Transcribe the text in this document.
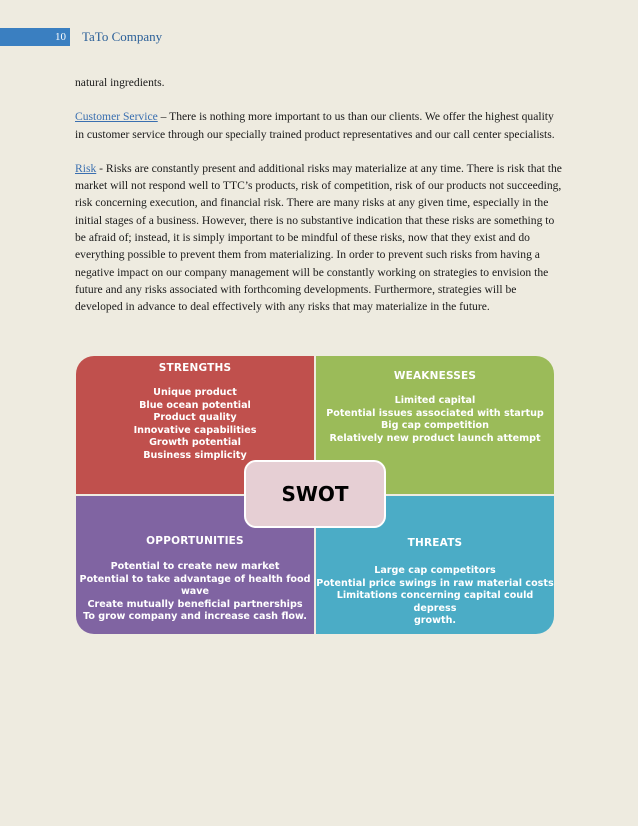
10 TaTo Company

natural ingredients.

Customer Service – There is nothing more important to us than our clients. We offer the highest quality in customer service through our specially trained product representatives and our call center specialists.

Risk - Risks are constantly present and additional risks may materialize at any time. There is risk that the market will not respond well to TTC’s products, risk of competition, risk of our products not succeeding, risk concerning execution, and financial risk. There are many risks at any given time, especially in the initial stages of a business. However, there is no substantive indication that these risks are something to be afraid of; instead, it is simply important to be mindful of these risks, now that they exist and do everything possible to prevent them from materializing. In order to prevent such risks from having a negative impact on our company management will be constantly working on strategies to envision the future and any risks associated with forthcoming developments. Furthermore, strategies will be developed in advance to deal effectively with any risks that may materialize in the future.

STRENGTHS
Unique product
Blue ocean potential
Product quality
Innovative capabilities
Growth potential
Business simplicity
WEAKNESSES
Limited capital
Potential issues associated with startup
Big cap competition
Relatively new product launch attempt
OPPORTUNITIES
Potential to create new market
Potential to take advantage of health food
wave
Create mutually beneficial partnerships
To grow company and increase cash flow.
THREATS
Large cap competitors
Potential price swings in raw material costs
Limitations concerning capital could depress
growth.
SWOT
